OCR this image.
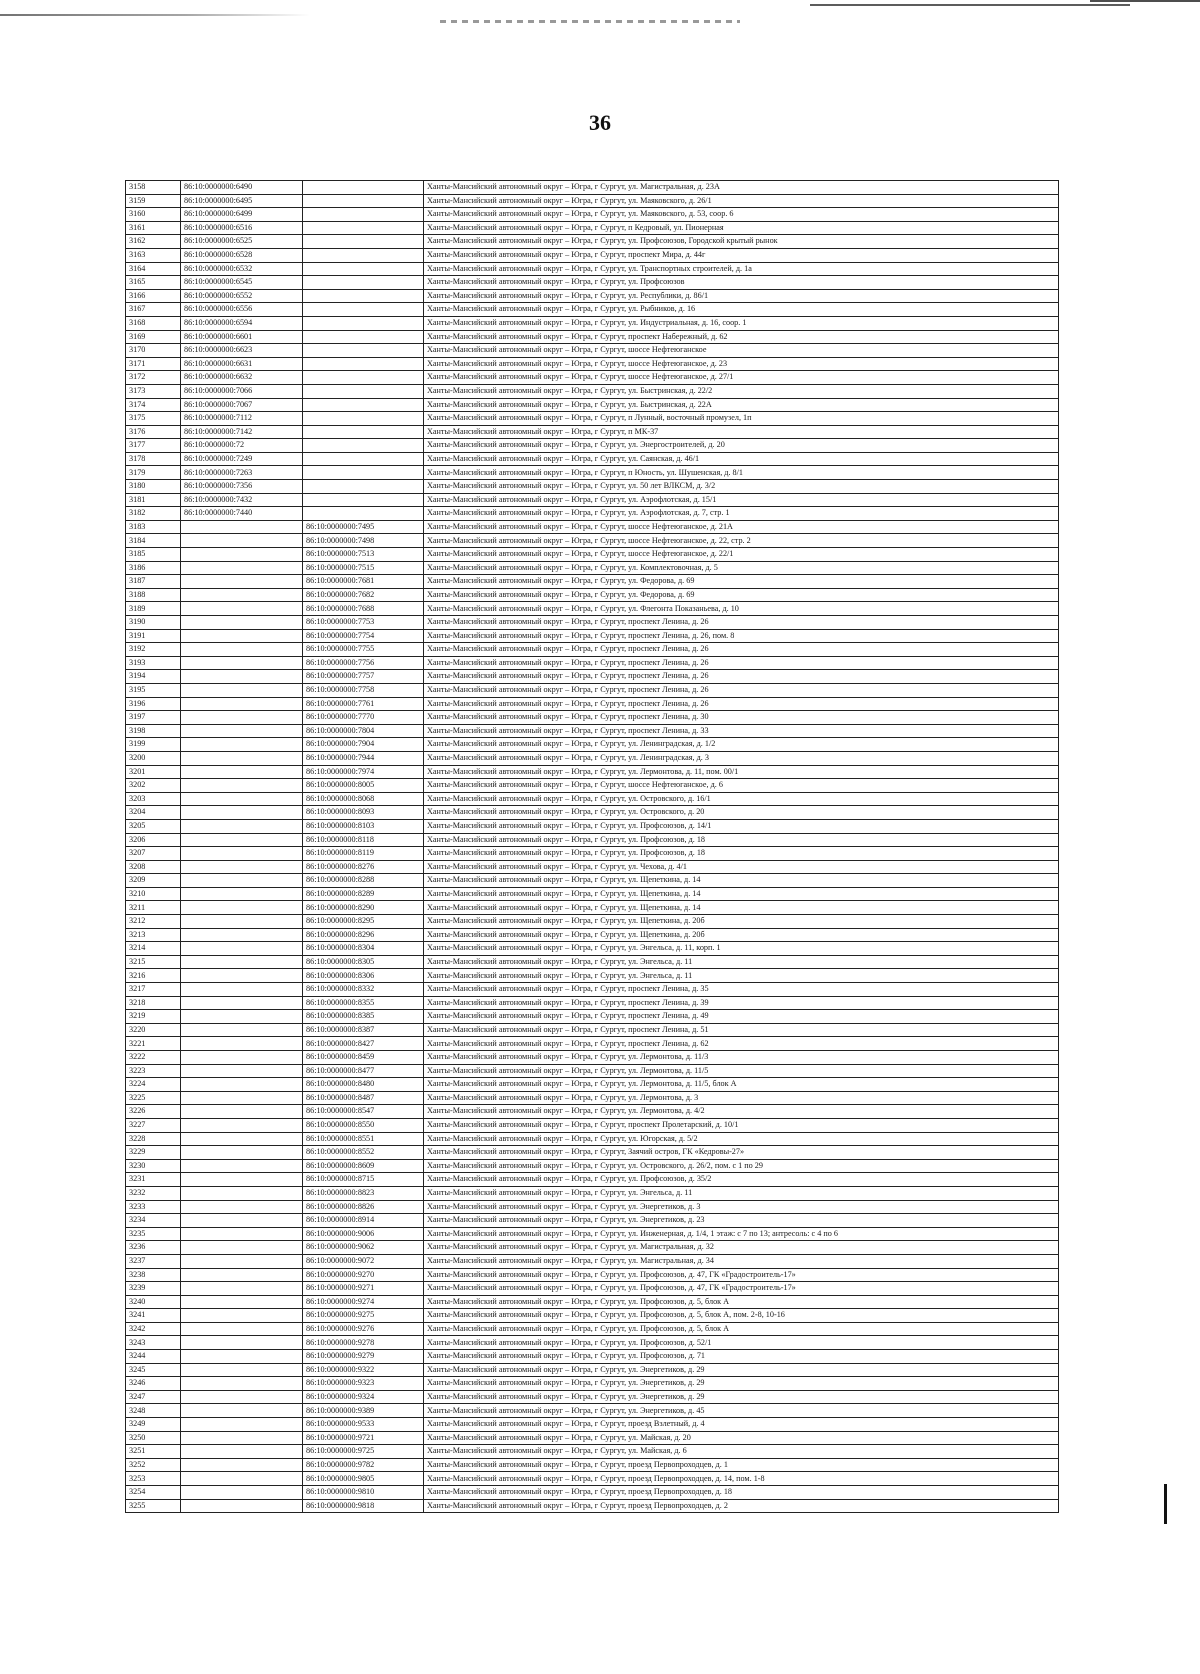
36
3158	86:10:0000000:6490		Ханты-Мансийский автономный округ – Югра, г Сургут, ул. Магистральная, д. 23А
3159	86:10:0000000:6495		Ханты-Мансийский автономный округ – Югра, г Сургут, ул. Маяковского, д. 26/1
3160	86:10:0000000:6499		Ханты-Мансийский автономный округ – Югра, г Сургут, ул. Маяковского, д. 53, соор. 6
3161	86:10:0000000:6516		Ханты-Мансийский автономный округ – Югра, г Сургут, п Кедровый, ул. Пионерная
3162	86:10:0000000:6525		Ханты-Мансийский автономный округ – Югра, г Сургут, ул. Профсоюзов, Городской крытый рынок
3163	86:10:0000000:6528		Ханты-Мансийский автономный округ – Югра, г Сургут, проспект Мира, д. 44г
3164	86:10:0000000:6532		Ханты-Мансийский автономный округ – Югра, г Сургут, ул. Транспортных строителей, д. 1а
3165	86:10:0000000:6545		Ханты-Мансийский автономный округ – Югра, г Сургут, ул. Профсоюзов
3166	86:10:0000000:6552		Ханты-Мансийский автономный округ – Югра, г Сургут, ул. Республики, д. 86/1
3167	86:10:0000000:6556		Ханты-Мансийский автономный округ – Югра, г Сургут, ул. Рыбников, д. 16
3168	86:10:0000000:6594		Ханты-Мансийский автономный округ – Югра, г Сургут, ул. Индустриальная, д. 16, соор. 1
3169	86:10:0000000:6601		Ханты-Мансийский автономный округ – Югра, г Сургут, проспект Набережный, д. 62
3170	86:10:0000000:6623		Ханты-Мансийский автономный округ – Югра, г Сургут, шоссе Нефтеюганское
3171	86:10:0000000:6631		Ханты-Мансийский автономный округ – Югра, г Сургут, шоссе Нефтеюганское, д. 23
3172	86:10:0000000:6632		Ханты-Мансийский автономный округ – Югра, г Сургут, шоссе Нефтеюганское, д. 27/1
3173	86:10:0000000:7066		Ханты-Мансийский автономный округ – Югра, г Сургут, ул. Быстринская, д. 22/2
3174	86:10:0000000:7067		Ханты-Мансийский автономный округ – Югра, г Сургут, ул. Быстринская, д. 22А
3175	86:10:0000000:7112		Ханты-Мансийский автономный округ – Югра, г Сургут, п Лунный, восточный промузел, 1п
3176	86:10:0000000:7142		Ханты-Мансийский автономный округ – Югра, г Сургут, п МК-37
3177	86:10:0000000:72		Ханты-Мансийский автономный округ – Югра, г Сургут, ул. Энергостроителей, д. 20
3178	86:10:0000000:7249		Ханты-Мансийский автономный округ – Югра, г Сургут, ул. Саянская, д. 46/1
3179	86:10:0000000:7263		Ханты-Мансийский автономный округ – Югра, г Сургут, п Юность, ул. Шушенская, д. 8/1
3180	86:10:0000000:7356		Ханты-Мансийский автономный округ – Югра, г Сургут, ул. 50 лет ВЛКСМ, д. 3/2
3181	86:10:0000000:7432		Ханты-Мансийский автономный округ – Югра, г Сургут, ул. Аэрофлотская, д. 15/1
3182	86:10:0000000:7440		Ханты-Мансийский автономный округ – Югра, г Сургут, ул. Аэрофлотская, д. 7, стр. 1
3183		86:10:0000000:7495	Ханты-Мансийский автономный округ – Югра, г Сургут, шоссе Нефтеюганское, д. 21А
3184		86:10:0000000:7498	Ханты-Мансийский автономный округ – Югра, г Сургут, шоссе Нефтеюганское, д. 22, стр. 2
3185		86:10:0000000:7513	Ханты-Мансийский автономный округ – Югра, г Сургут, шоссе Нефтеюганское, д. 22/1
3186		86:10:0000000:7515	Ханты-Мансийский автономный округ – Югра, г Сургут, ул. Комплектовочная, д. 5
3187		86:10:0000000:7681	Ханты-Мансийский автономный округ – Югра, г Сургут, ул. Федорова, д. 69
3188		86:10:0000000:7682	Ханты-Мансийский автономный округ – Югра, г Сургут, ул. Федорова, д. 69
3189		86:10:0000000:7688	Ханты-Мансийский автономный округ – Югра, г Сургут, ул. Флегонта Показаньева, д. 10
3190		86:10:0000000:7753	Ханты-Мансийский автономный округ – Югра, г Сургут, проспект Ленина, д. 26
3191		86:10:0000000:7754	Ханты-Мансийский автономный округ – Югра, г Сургут, проспект Ленина, д. 26, пом. 8
3192		86:10:0000000:7755	Ханты-Мансийский автономный округ – Югра, г Сургут, проспект Ленина, д. 26
3193		86:10:0000000:7756	Ханты-Мансийский автономный округ – Югра, г Сургут, проспект Ленина, д. 26
3194		86:10:0000000:7757	Ханты-Мансийский автономный округ – Югра, г Сургут, проспект Ленина, д. 26
3195		86:10:0000000:7758	Ханты-Мансийский автономный округ – Югра, г Сургут, проспект Ленина, д. 26
3196		86:10:0000000:7761	Ханты-Мансийский автономный округ – Югра, г Сургут, проспект Ленина, д. 26
3197		86:10:0000000:7770	Ханты-Мансийский автономный округ – Югра, г Сургут, проспект Ленина, д. 30
3198		86:10:0000000:7804	Ханты-Мансийский автономный округ – Югра, г Сургут, проспект Ленина, д. 33
3199		86:10:0000000:7904	Ханты-Мансийский автономный округ – Югра, г Сургут, ул. Ленинградская, д. 1/2
3200		86:10:0000000:7944	Ханты-Мансийский автономный округ – Югра, г Сургут, ул. Ленинградская, д. 3
3201		86:10:0000000:7974	Ханты-Мансийский автономный округ – Югра, г Сургут, ул. Лермонтова, д. 11, пом. 00/1
3202		86:10:0000000:8005	Ханты-Мансийский автономный округ – Югра, г Сургут, шоссе Нефтеюганское, д. 6
3203		86:10:0000000:8068	Ханты-Мансийский автономный округ – Югра, г Сургут, ул. Островского, д. 16/1
3204		86:10:0000000:8093	Ханты-Мансийский автономный округ – Югра, г Сургут, ул. Островского, д. 20
3205		86:10:0000000:8103	Ханты-Мансийский автономный округ – Югра, г Сургут, ул. Профсоюзов, д. 14/1
3206		86:10:0000000:8118	Ханты-Мансийский автономный округ – Югра, г Сургут, ул. Профсоюзов, д. 18
3207		86:10:0000000:8119	Ханты-Мансийский автономный округ – Югра, г Сургут, ул. Профсоюзов, д. 18
3208		86:10:0000000:8276	Ханты-Мансийский автономный округ – Югра, г Сургут, ул. Чехова, д. 4/1
3209		86:10:0000000:8288	Ханты-Мансийский автономный округ – Югра, г Сургут, ул. Щепеткина, д. 14
3210		86:10:0000000:8289	Ханты-Мансийский автономный округ – Югра, г Сургут, ул. Щепеткина, д. 14
3211		86:10:0000000:8290	Ханты-Мансийский автономный округ – Югра, г Сургут, ул. Щепеткина, д. 14
3212		86:10:0000000:8295	Ханты-Мансийский автономный округ – Югра, г Сургут, ул. Щепеткина, д. 20б
3213		86:10:0000000:8296	Ханты-Мансийский автономный округ – Югра, г Сургут, ул. Щепеткина, д. 20б
3214		86:10:0000000:8304	Ханты-Мансийский автономный округ – Югра, г Сургут, ул. Энгельса, д. 11, корп. 1
3215		86:10:0000000:8305	Ханты-Мансийский автономный округ – Югра, г Сургут, ул. Энгельса, д. 11
3216		86:10:0000000:8306	Ханты-Мансийский автономный округ – Югра, г Сургут, ул. Энгельса, д. 11
3217		86:10:0000000:8332	Ханты-Мансийский автономный округ – Югра, г Сургут, проспект Ленина, д. 35
3218		86:10:0000000:8355	Ханты-Мансийский автономный округ – Югра, г Сургут, проспект Ленина, д. 39
3219		86:10:0000000:8385	Ханты-Мансийский автономный округ – Югра, г Сургут, проспект Ленина, д. 49
3220		86:10:0000000:8387	Ханты-Мансийский автономный округ – Югра, г Сургут, проспект Ленина, д. 51
3221		86:10:0000000:8427	Ханты-Мансийский автономный округ – Югра, г Сургут, проспект Ленина, д. 62
3222		86:10:0000000:8459	Ханты-Мансийский автономный округ – Югра, г Сургут, ул. Лермонтова, д. 11/3
3223		86:10:0000000:8477	Ханты-Мансийский автономный округ – Югра, г Сургут, ул. Лермонтова, д. 11/5
3224		86:10:0000000:8480	Ханты-Мансийский автономный округ – Югра, г Сургут, ул. Лермонтова, д. 11/5, блок А
3225		86:10:0000000:8487	Ханты-Мансийский автономный округ – Югра, г Сургут, ул. Лермонтова, д. 3
3226		86:10:0000000:8547	Ханты-Мансийский автономный округ – Югра, г Сургут, ул. Лермонтова, д. 4/2
3227		86:10:0000000:8550	Ханты-Мансийский автономный округ – Югра, г Сургут, проспект Пролетарский, д. 10/1
3228		86:10:0000000:8551	Ханты-Мансийский автономный округ – Югра, г Сургут, ул. Югорская, д. 5/2
3229		86:10:0000000:8552	Ханты-Мансийский автономный округ – Югра, г Сургут, Заячий остров, ГК «Кедровы-27»
3230		86:10:0000000:8609	Ханты-Мансийский автономный округ – Югра, г Сургут, ул. Островского, д. 26/2, пом. с 1 по 29
3231		86:10:0000000:8715	Ханты-Мансийский автономный округ – Югра, г Сургут, ул. Профсоюзов, д. 35/2
3232		86:10:0000000:8823	Ханты-Мансийский автономный округ – Югра, г Сургут, ул. Энгельса, д. 11
3233		86:10:0000000:8826	Ханты-Мансийский автономный округ – Югра, г Сургут, ул. Энергетиков, д. 3
3234		86:10:0000000:8914	Ханты-Мансийский автономный округ – Югра, г Сургут, ул. Энергетиков, д. 23
3235		86:10:0000000:9006	Ханты-Мансийский автономный округ – Югра, г Сургут, ул. Инженерная, д. 1/4, 1 этаж: с 7 по 13; антресоль: с 4 по 6
3236		86:10:0000000:9062	Ханты-Мансийский автономный округ – Югра, г Сургут, ул. Магистральная, д. 32
3237		86:10:0000000:9072	Ханты-Мансийский автономный округ – Югра, г Сургут, ул. Магистральная, д. 34
3238		86:10:0000000:9270	Ханты-Мансийский автономный округ – Югра, г Сургут, ул. Профсоюзов, д. 47, ГК «Градостроитель-17»
3239		86:10:0000000:9271	Ханты-Мансийский автономный округ – Югра, г Сургут, ул. Профсоюзов, д. 47, ГК «Градостроитель-17»
3240		86:10:0000000:9274	Ханты-Мансийский автономный округ – Югра, г Сургут, ул. Профсоюзов, д. 5, блок А
3241		86:10:0000000:9275	Ханты-Мансийский автономный округ – Югра, г Сургут, ул. Профсоюзов, д. 5, блок А, пом. 2-8, 10-16
3242		86:10:0000000:9276	Ханты-Мансийский автономный округ – Югра, г Сургут, ул. Профсоюзов, д. 5, блок А
3243		86:10:0000000:9278	Ханты-Мансийский автономный округ – Югра, г Сургут, ул. Профсоюзов, д. 52/1
3244		86:10:0000000:9279	Ханты-Мансийский автономный округ – Югра, г Сургут, ул. Профсоюзов, д. 71
3245		86:10:0000000:9322	Ханты-Мансийский автономный округ – Югра, г Сургут, ул. Энергетиков, д. 29
3246		86:10:0000000:9323	Ханты-Мансийский автономный округ – Югра, г Сургут, ул. Энергетиков, д. 29
3247		86:10:0000000:9324	Ханты-Мансийский автономный округ – Югра, г Сургут, ул. Энергетиков, д. 29
3248		86:10:0000000:9389	Ханты-Мансийский автономный округ – Югра, г Сургут, ул. Энергетиков, д. 45
3249		86:10:0000000:9533	Ханты-Мансийский автономный округ – Югра, г Сургут, проезд Взлетный, д. 4
3250		86:10:0000000:9721	Ханты-Мансийский автономный округ – Югра, г Сургут, ул. Майская, д. 20
3251		86:10:0000000:9725	Ханты-Мансийский автономный округ – Югра, г Сургут, ул. Майская, д. 6
3252		86:10:0000000:9782	Ханты-Мансийский автономный округ – Югра, г Сургут, проезд Первопроходцев, д. 1
3253		86:10:0000000:9805	Ханты-Мансийский автономный округ – Югра, г Сургут, проезд Первопроходцев, д. 14, пом. 1-8
3254		86:10:0000000:9810	Ханты-Мансийский автономный округ – Югра, г Сургут, проезд Первопроходцев, д. 18
3255		86:10:0000000:9818	Ханты-Мансийский автономный округ – Югра, г Сургут, проезд Первопроходцев, д. 2
